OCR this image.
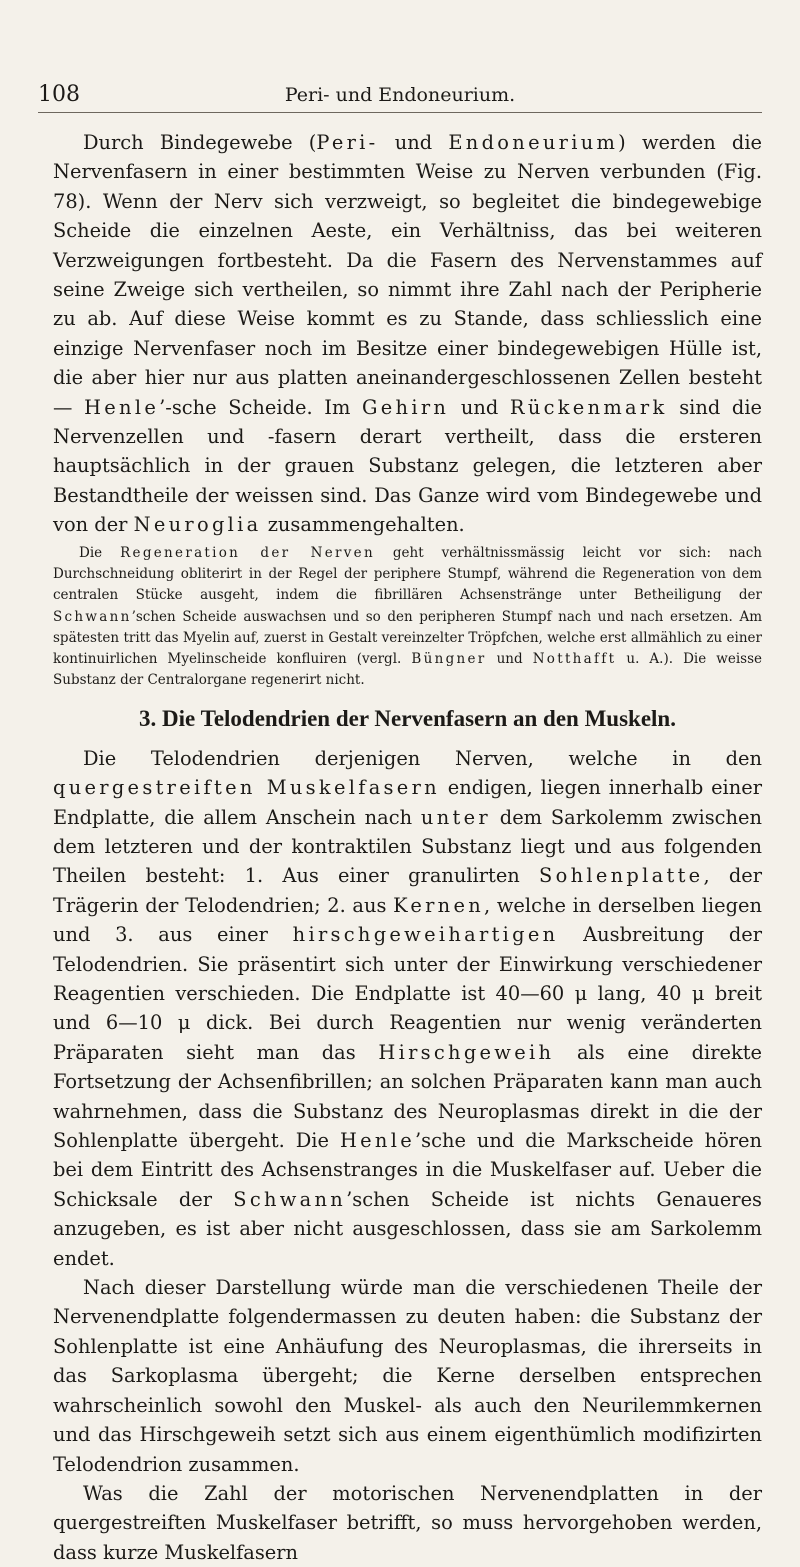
108	Peri- und Endoneurium.

Durch Bindegewebe (Peri- und Endoneurium) werden die Nervenfasern in einer bestimmten Weise zu Nerven verbunden (Fig. 78). Wenn der Nerv sich verzweigt, so begleitet die bindegewebige Scheide die einzelnen Aeste, ein Verhältniss, das bei weiteren Verzweigungen fortbesteht. Da die Fasern des Nervenstammes auf seine Zweige sich vertheilen, so nimmt ihre Zahl nach der Peripherie zu ab. Auf diese Weise kommt es zu Stande, dass schliesslich eine einzige Nervenfaser noch im Besitze einer bindegewebigen Hülle ist, die aber hier nur aus platten aneinandergeschlossenen Zellen besteht — Henle’-sche Scheide. Im Gehirn und Rückenmark sind die Nervenzellen und -fasern derart vertheilt, dass die ersteren hauptsächlich in der grauen Substanz gelegen, die letzteren aber Bestandtheile der weissen sind. Das Ganze wird vom Bindegewebe und von der Neuroglia zusammengehalten.

Die Regeneration der Nerven geht verhältnissmässig leicht vor sich: nach Durchschneidung obliterirt in der Regel der periphere Stumpf, während die Regeneration von dem centralen Stücke ausgeht, indem die fibrillären Achsenstränge unter Betheiligung der Schwann’schen Scheide auswachsen und so den peripheren Stumpf nach und nach ersetzen. Am spätesten tritt das Myelin auf, zuerst in Gestalt vereinzelter Tröpfchen, welche erst allmählich zu einer kontinuirlichen Myelinscheide konfluiren (vergl. Büngner und Notthafft u. A.). Die weisse Substanz der Centralorgane regenerirt nicht.

3. Die Telodendrien der Nervenfasern an den Muskeln.

Die Telodendrien derjenigen Nerven, welche in den quergestreiften Muskelfasern endigen, liegen innerhalb einer Endplatte, die allem Anschein nach unter dem Sarkolemm zwischen dem letzteren und der kontraktilen Substanz liegt und aus folgenden Theilen besteht: 1. Aus einer granulirten Sohlenplatte, der Trägerin der Telodendrien; 2. aus Kernen, welche in derselben liegen und 3. aus einer hirschgeweihartigen Ausbreitung der Telodendrien. Sie präsentirt sich unter der Einwirkung verschiedener Reagentien verschieden. Die Endplatte ist 40—60 μ lang, 40 μ breit und 6—10 μ dick. Bei durch Reagentien nur wenig veränderten Präparaten sieht man das Hirschgeweih als eine direkte Fortsetzung der Achsenfibrillen; an solchen Präparaten kann man auch wahrnehmen, dass die Substanz des Neuroplasmas direkt in die der Sohlenplatte übergeht. Die Henle’sche und die Markscheide hören bei dem Eintritt des Achsenstranges in die Muskelfaser auf. Ueber die Schicksale der Schwann’schen Scheide ist nichts Genaueres anzugeben, es ist aber nicht ausgeschlossen, dass sie am Sarkolemm endet.

Nach dieser Darstellung würde man die verschiedenen Theile der Nervenendplatte folgendermassen zu deuten haben: die Substanz der Sohlenplatte ist eine Anhäufung des Neuroplasmas, die ihrerseits in das Sarkoplasma übergeht; die Kerne derselben entsprechen wahrscheinlich sowohl den Muskel- als auch den Neurilemmkernen und das Hirschgeweih setzt sich aus einem eigenthümlich modifizirten Telodendrion zusammen.

Was die Zahl der motorischen Nervenendplatten in der quergestreiften Muskelfaser betrifft, so muss hervorgehoben werden, dass kurze Muskelfasern
